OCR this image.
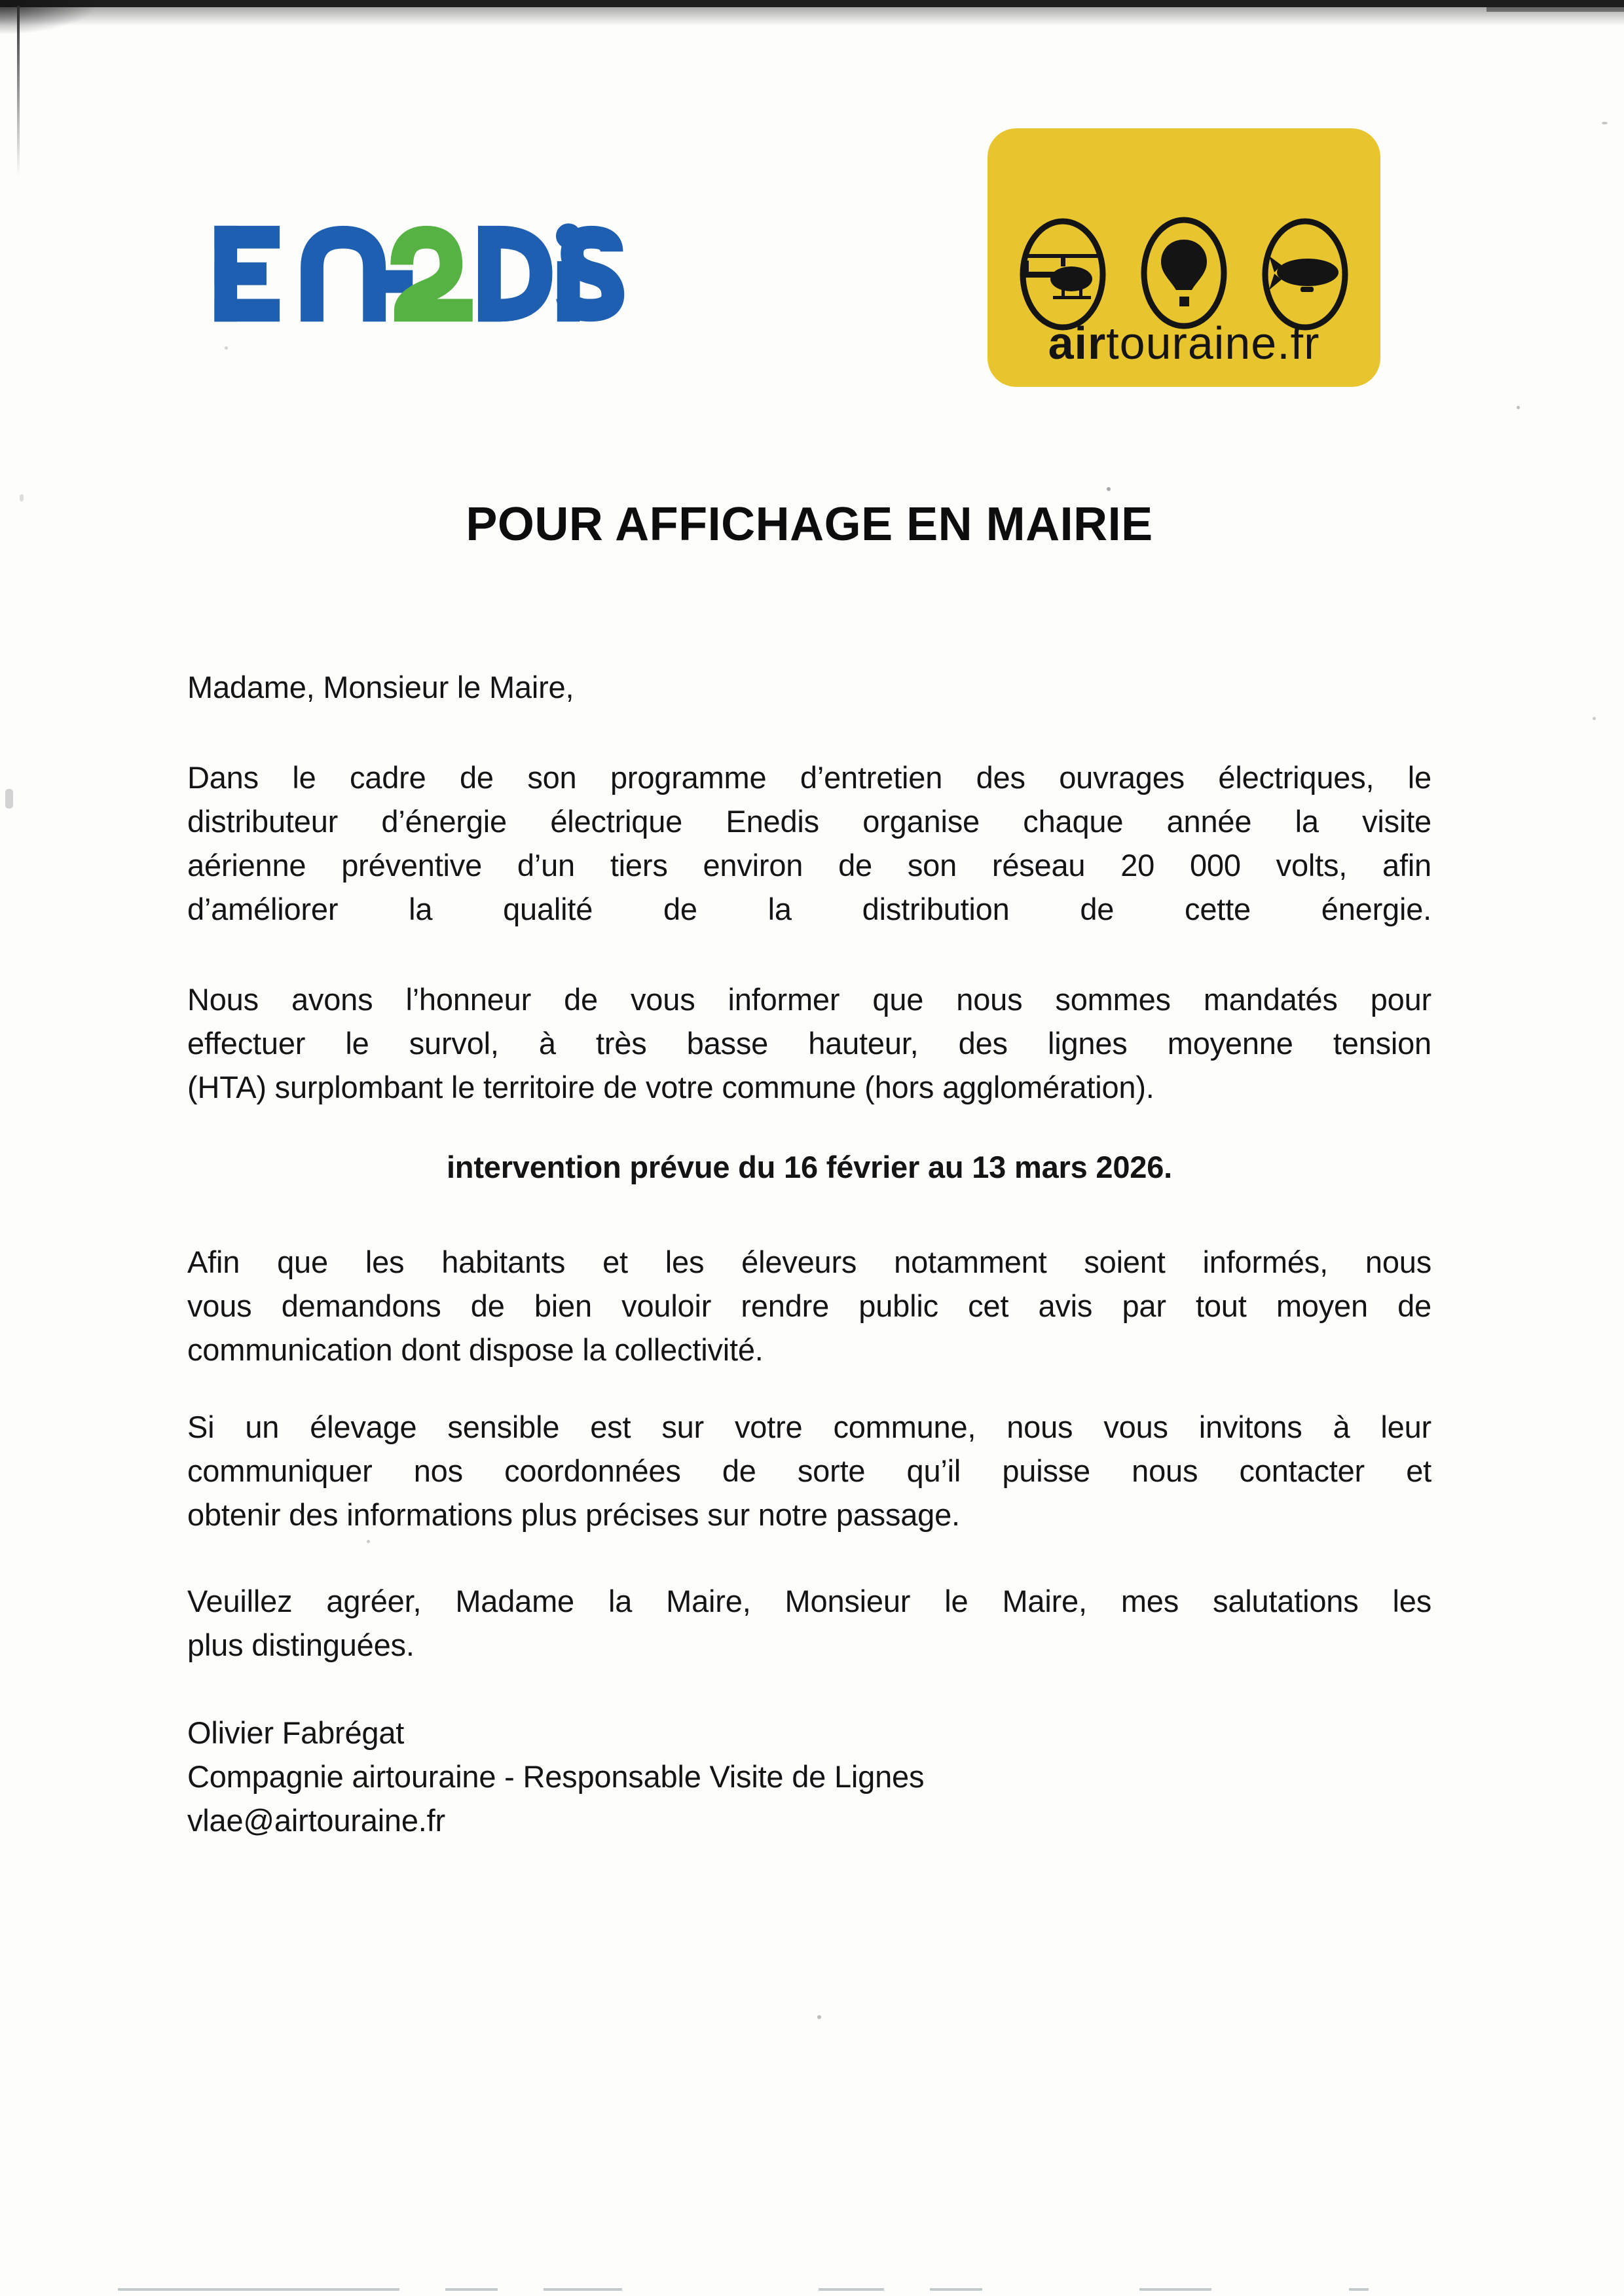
airtouraine.fr
POUR AFFICHAGE EN MAIRIE

Madame, Monsieur le Maire,

Dans le cadre de son programme d’entretien des ouvrages électriques, le

distributeur d’énergie électrique Enedis organise chaque année la visite

aérienne préventive d’un tiers environ de son réseau 20 000 volts, afin

d’améliorer la qualité de la distribution de cette énergie.

Nous avons l’honneur de vous informer que nous sommes mandatés pour

effectuer le survol, à très basse hauteur, des lignes moyenne tension

(HTA) surplombant le territoire de votre commune (hors agglomération).

intervention prévue du 16 février au 13 mars 2026.

Afin que les habitants et les éleveurs notamment soient informés, nous

vous demandons de bien vouloir rendre public cet avis par tout moyen de

communication dont dispose la collectivité.

Si un élevage sensible est sur votre commune, nous vous invitons à leur

communiquer nos coordonnées de sorte qu’il puisse nous contacter et

obtenir des informations plus précises sur notre passage.

Veuillez agréer, Madame la Maire, Monsieur le Maire, mes salutations les

plus distinguées.

Olivier Fabrégat

Compagnie airtouraine - Responsable Visite de Lignes

vlae@airtouraine.fr
